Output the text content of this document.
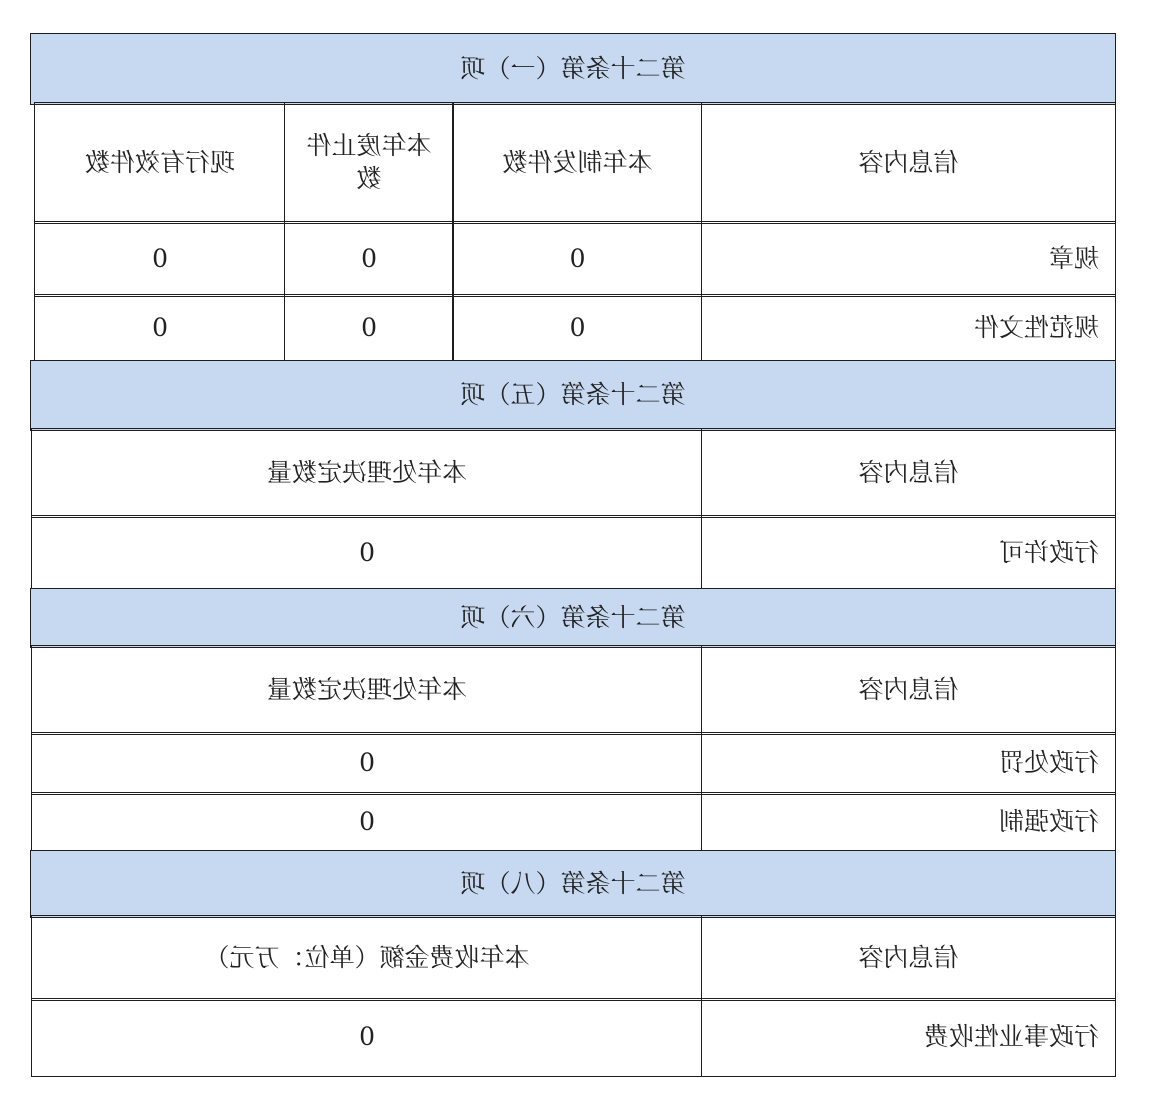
第二十条第（一）项
信息内容
本年制发件数
本年废止件数
现行有效件数
规章
0
0
0
规范性文件
0
0
0
第二十条第（五）项
信息内容
本年处理决定数量
行政许可
0
第二十条第（六）项
信息内容
本年处理决定数量
行政处罚
0
行政强制
0
第二十条第（八）项
信息内容
本年收费金额（单位：万元）
行政事业性收费
0
